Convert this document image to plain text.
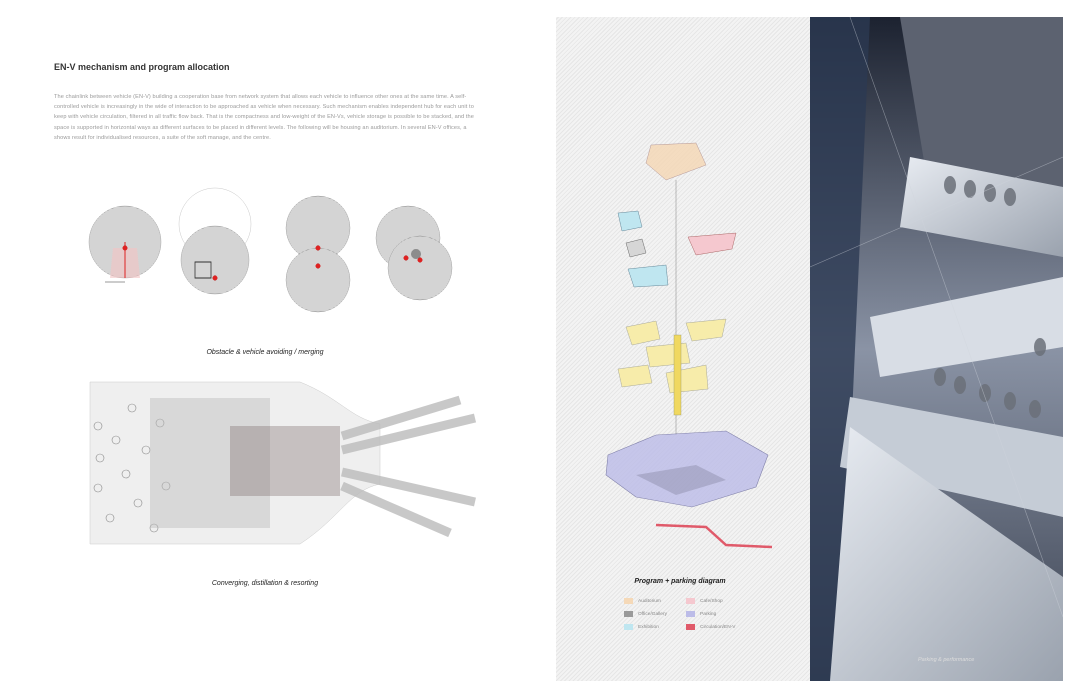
EN-V mechanism and program allocation
The chainlink between vehicle (EN-V) building a cooperation base from network system that allows each vehicle to influence other ones at the same time. A self-controlled vehicle is increasingly in the wide of interaction to be approached as vehicle when necessary. Such mechanism enables independent hub for each unit to keep with vehicle circulation, filtered in all traffic flow back. That is the compactness and low-weight of the EN-Vs, vehicle storage is possible to be stacked, and the space is supported in horizontal ways as different surfaces to be placed in different levels. The following will be housing an auditorium. In several EN-V offices, a shows result for individualised resources, a suite of the soft manage, and the centre.
Obstacle & vehicle avoiding / merging
Converging, distillation & resorting	Program + parking diagram
Auditorium
Office/Gallery
Exhibition
Cafe/Shop
Parking
Circulation/EN-V
Parking & performance
